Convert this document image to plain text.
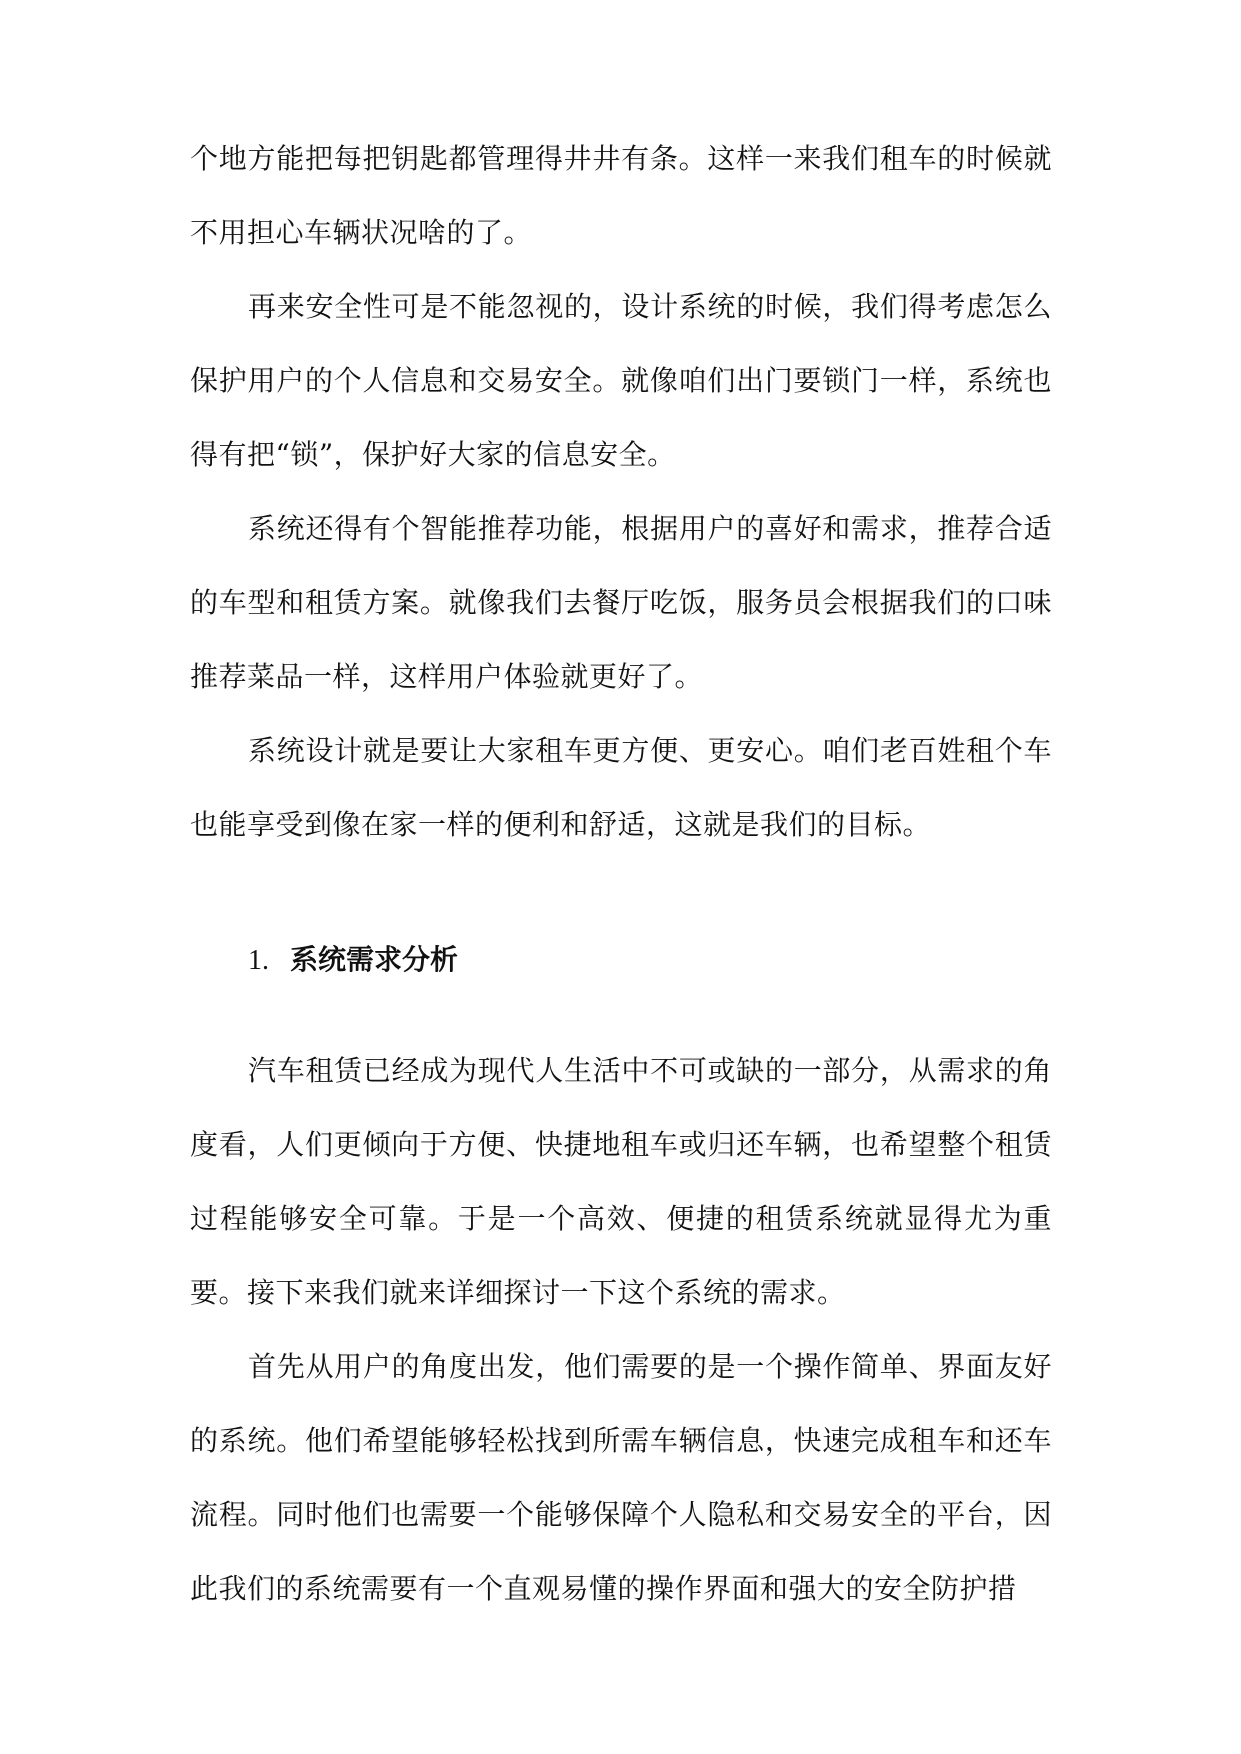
个地方能把每把钥匙都管理得井井有条。这样一来我们租车的时候就不用担心车辆状况啥的了。

再来安全性可是不能忽视的，设计系统的时候，我们得考虑怎么保护用户的个人信息和交易安全。就像咱们出门要锁门一样，系统也得有把“锁”，保护好大家的信息安全。

系统还得有个智能推荐功能，根据用户的喜好和需求，推荐合适的车型和租赁方案。就像我们去餐厅吃饭，服务员会根据我们的口味推荐菜品一样，这样用户体验就更好了。

系统设计就是要让大家租车更方便、更安心。咱们老百姓租个车也能享受到像在家一样的便利和舒适，这就是我们的目标。

1. 系统需求分析

汽车租赁已经成为现代人生活中不可或缺的一部分，从需求的角度看，人们更倾向于方便、快捷地租车或归还车辆，也希望整个租赁过程能够安全可靠。于是一个高效、便捷的租赁系统就显得尤为重要。接下来我们就来详细探讨一下这个系统的需求。

首先从用户的角度出发，他们需要的是一个操作简单、界面友好的系统。他们希望能够轻松找到所需车辆信息，快速完成租车和还车流程。同时他们也需要一个能够保障个人隐私和交易安全的平台，因此我们的系统需要有一个直观易懂的操作界面和强大的安全防护措
